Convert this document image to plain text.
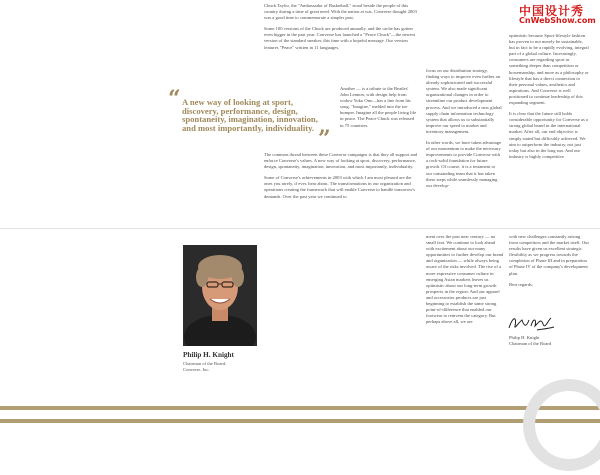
中国设计秀
CnWebShow.com
“ A new way of looking at sport, discovery, performance, design, spontaneity, imagination, innovation, and most importantly, individuality. ”

Chuck Taylor, the "Ambassador of Basketball," stood beside the people of this country during a time of great need. With the nation at war, Converse thought 2003 was a good time to commemorate a simpler past.

Some 100 versions of the Chuck are produced annually, and the cache has gotten even bigger in the past year. Converse has launched a "Peace Chuck"—the newest version of the standard sneaker, this time with a hopeful message. Our version features "Peace" written in 11 languages.

Another — is a tribute to the Beatles' John Lennon, with design help from widow Yoko Ono—has a line from his song, "Imagine," melded into the toe bumper. Imagine all the people living life in peace. The Peace Chuck was released in 75 countries.

The common thread between these Converse campaigns is that they all support and enforce Converse's values. A new way of looking at sport, discovery, performance, design, spontaneity, imagination, innovation, and most importantly, individuality.

Some of Converse's achievements in 2003 with which I am most pleased are the ones you rarely, if ever, hear about. The transformations in our organization and operations creating the framework that will enable Converse to handle tomorrow's demands. Over the past year we continued to

focus on our distribution strategy, finding ways to improve even further an already sophisticated and successful system. We also made significant organizational changes in order to streamline our product development process. And we introduced a new global supply chain information technology system that allows us to substantially improve our speed to market and inventory management.

In other words, we have taken advantage of our momentum to make the necessary improvements to provide Converse with a rock-solid foundation for future growth. Of course, it is a testament to our outstanding team that it has taken these steps while seamlessly managing our develop-

optimistic because Sport-lifestyle fashion has proven to not merely be sustainable, but in fact to be a rapidly evolving, integral part of a global culture. Increasingly, consumers are regarding sport as something deeper than competition or horsemanship, and more as a philosophy or lifestyle that has a direct connection to their personal values, aesthetics and aspirations. And Converse is well positioned to continue leadership of this expanding segment.

It is clear that the future still holds considerable opportunity for Converse as a strong global brand in the international market. After all, our end objective is simply stated but difficultly achieved. We aim to outperform the industry, not just today but also in the long run. And our industry is highly competitive

Philip H. Knight
Chairman of the Board,
Converse, Inc.

ment over the past near century — no small feat. We continue to look ahead with excitement about our many opportunities to further develop our brand and organization — while always being aware of the risks involved. The rise of a more expressive consumer culture in emerging Asian markets leaves us optimistic about our long-term growth prospects in the region. And our apparel and accessories products are just beginning to establish the same strong point-of-difference that enabled our footwear to reinvent the category. But perhaps above all, we are

with new challenges constantly arising from competitors and the market itself. Our results have given us excellent strategic flexibility as we progress towards the completion of Phase III and in preparation of Phase IV of the company's development plan.

Best regards,

Philip H. Knight
Chairman of the Board
